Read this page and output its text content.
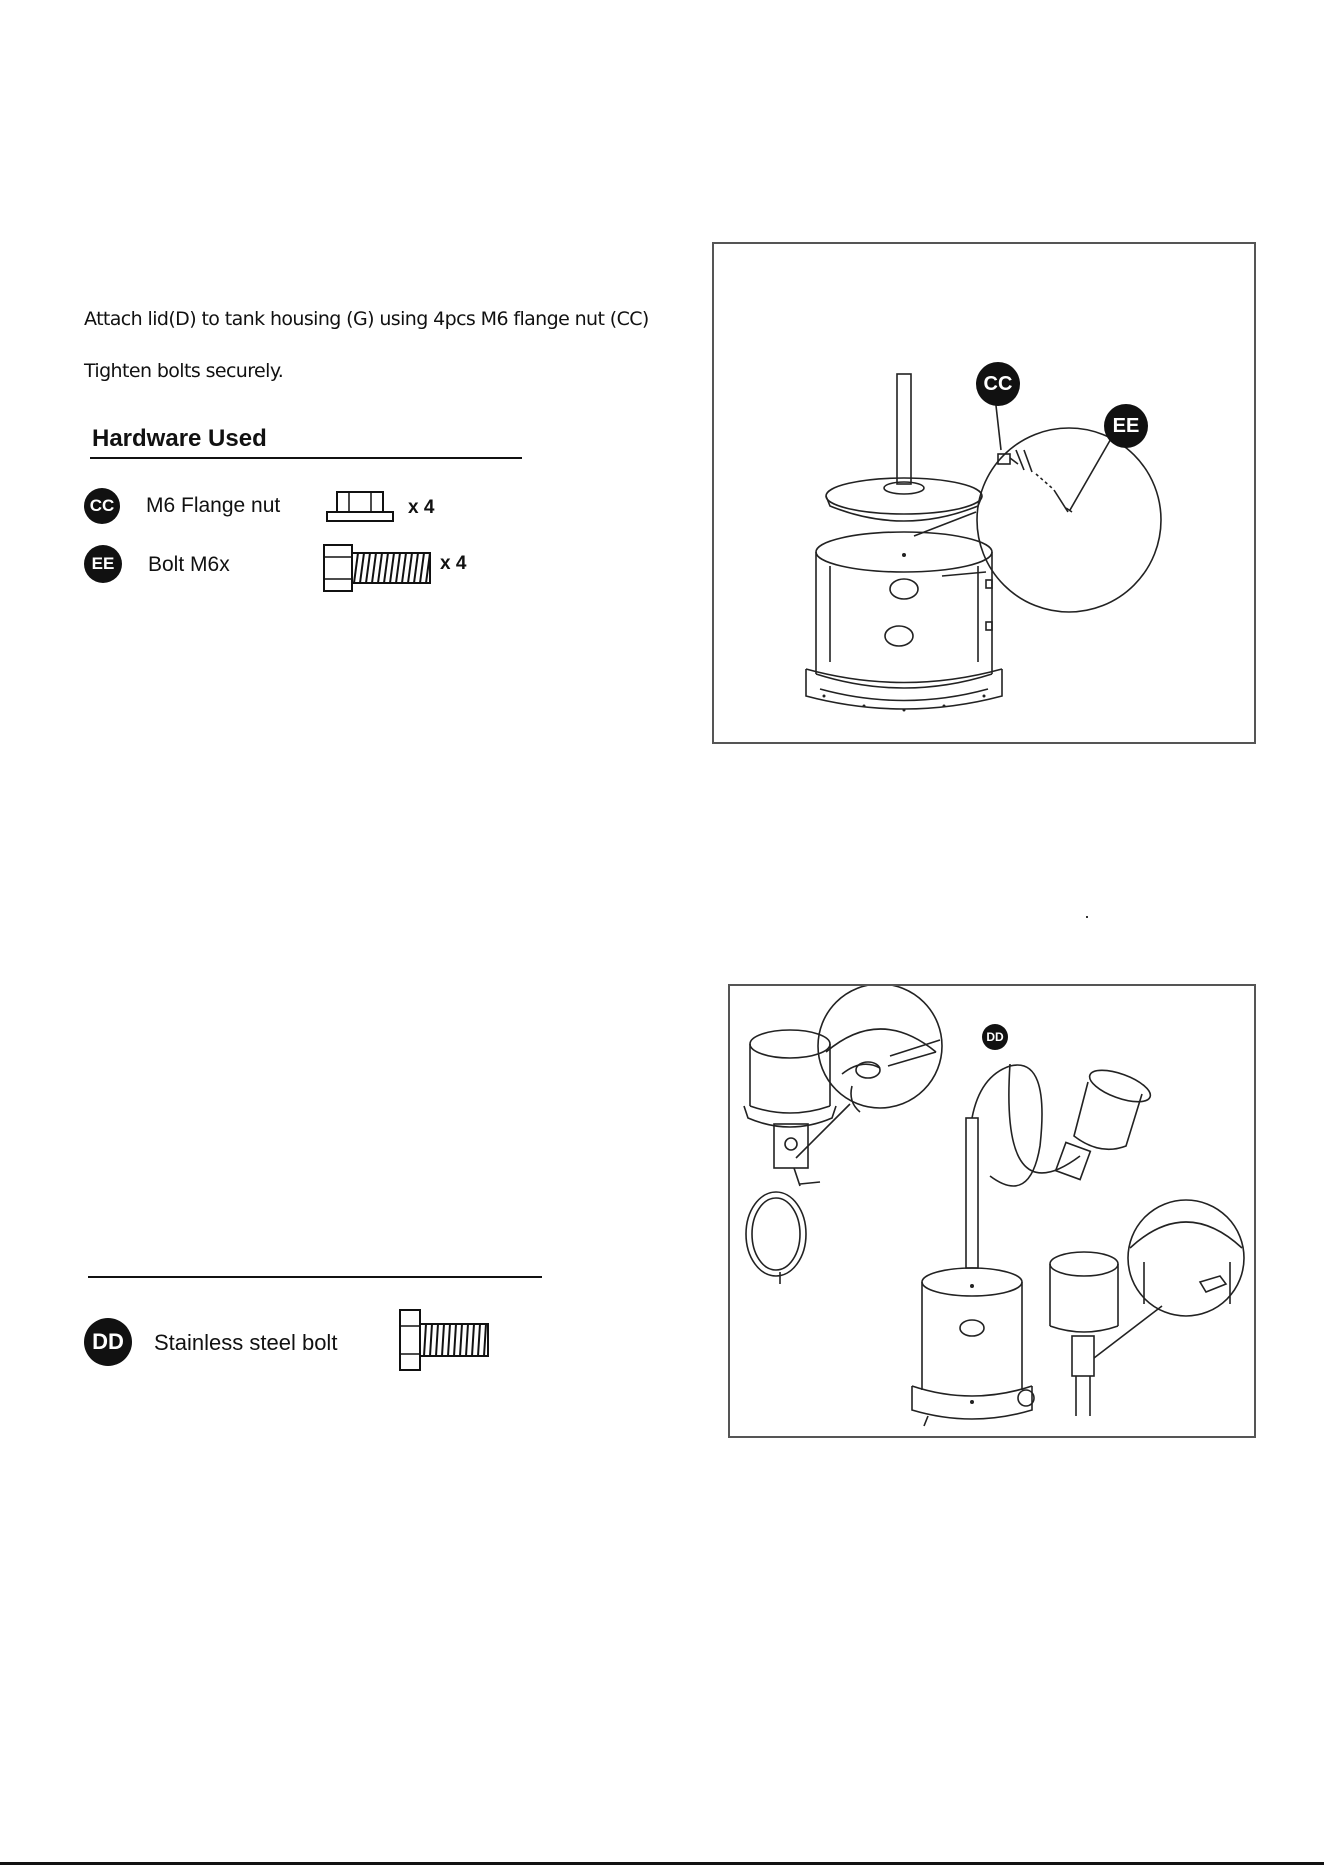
Attach lid(D) to tank housing (G) using 4pcs M6 flange nut (CC)
Tighten bolts securely.
Hardware Used
CC M6 Flange nut	x 4
EE	Bolt M6x	x 4
CC
EE
DD	Stainless steel bolt
DD
